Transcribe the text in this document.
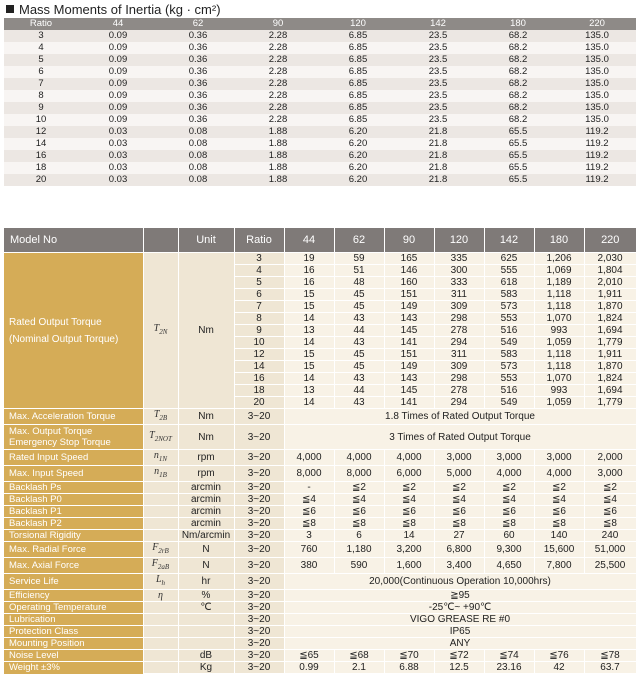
Mass Moments of Inertia (kg · cm²)
Ratio	44	62	90	120	142	180	220
3	0.09	0.36	2.28	6.85	23.5	68.2	135.0
4	0.09	0.36	2.28	6.85	23.5	68.2	135.0
5	0.09	0.36	2.28	6.85	23.5	68.2	135.0
6	0.09	0.36	2.28	6.85	23.5	68.2	135.0
7	0.09	0.36	2.28	6.85	23.5	68.2	135.0
8	0.09	0.36	2.28	6.85	23.5	68.2	135.0
9	0.09	0.36	2.28	6.85	23.5	68.2	135.0
10	0.09	0.36	2.28	6.85	23.5	68.2	135.0
12	0.03	0.08	1.88	6.20	21.8	65.5	119.2
14	0.03	0.08	1.88	6.20	21.8	65.5	119.2
16	0.03	0.08	1.88	6.20	21.8	65.5	119.2
18	0.03	0.08	1.88	6.20	21.8	65.5	119.2
20	0.03	0.08	1.88	6.20	21.8	65.5	119.2
Model No		Unit	Ratio	44	62	90	120	142	180	220

Rated Output Torque
(Nominal Output Torque)	$T_{2N}$	Nm	3	19	59	165	335	625	1,206	2,030
			4	16	51	146	300	555	1,069	1,804
			5	16	48	160	333	618	1,189	2,010
			6	15	45	151	311	583	1,118	1,911
			7	15	45	149	309	573	1,118	1,870
			8	14	43	143	298	553	1,070	1,824
			9	13	44	145	278	516	993	1,694
			10	14	43	141	294	549	1,059	1,779
			12	15	45	151	311	583	1,118	1,911
			14	15	45	149	309	573	1,118	1,870
			16	14	43	143	298	553	1,070	1,824
			18	13	44	145	278	516	993	1,694
			20	14	43	141	294	549	1,059	1,779
Max. Acceleration Torque	$T_{2B}$	Nm	3~20	1.8 Times of Rated Output Torque						

Max. Output Torque
Emergency Stop Torque	$T_{2NOT}$	Nm	3~20	3 Times of Rated Output Torque						
Rated Input Speed	$n_{1N}$	rpm	3~20	4,000	4,000	4,000	3,000	3,000	3,000	2,000
Max. Input Speed	$n_{1B}$	rpm	3~20	8,000	8,000	6,000	5,000	4,000	4,000	3,000
Backlash Ps		arcmin	3~20	-	≦2	≦2	≦2	≦2	≦2	≦2
Backlash P0		arcmin	3~20	≦4	≦4	≦4	≦4	≦4	≦4	≦4
Backlash P1		arcmin	3~20	≦6	≦6	≦6	≦6	≦6	≦6	≦6
Backlash P2		arcmin	3~20	≦8	≦8	≦8	≦8	≦8	≦8	≦8
Torsional Rigidity		Nm/arcmin	3~20	3	6	14	27	60	140	240
Max. Radial Force	$F_{2rB}$	N	3~20	760	1,180	3,200	6,800	9,300	15,600	51,000
Max. Axial Force	$F_{2aB}$	N	3~20	380	590	1,600	3,400	4,650	7,800	25,500
Service Life	$L_h$	hr	3~20	20,000(Continuous Operation 10,000hrs)						
Efficiency	η	%	3~20	≧95						
Operating Temperature		℃	3~20	-25℃~ +90℃						
Lubrication			3~20	VIGO GREASE RE #0						
Protection Class			3~20	IP65						
Mounting Position			3~20	ANY						
Noise Level		dB	3~20	≦65	≦68	≦70	≦72	≦74	≦76	≦78
Weight ±3%		Kg	3~20	0.99	2.1	6.88	12.5	23.16	42	63.7
